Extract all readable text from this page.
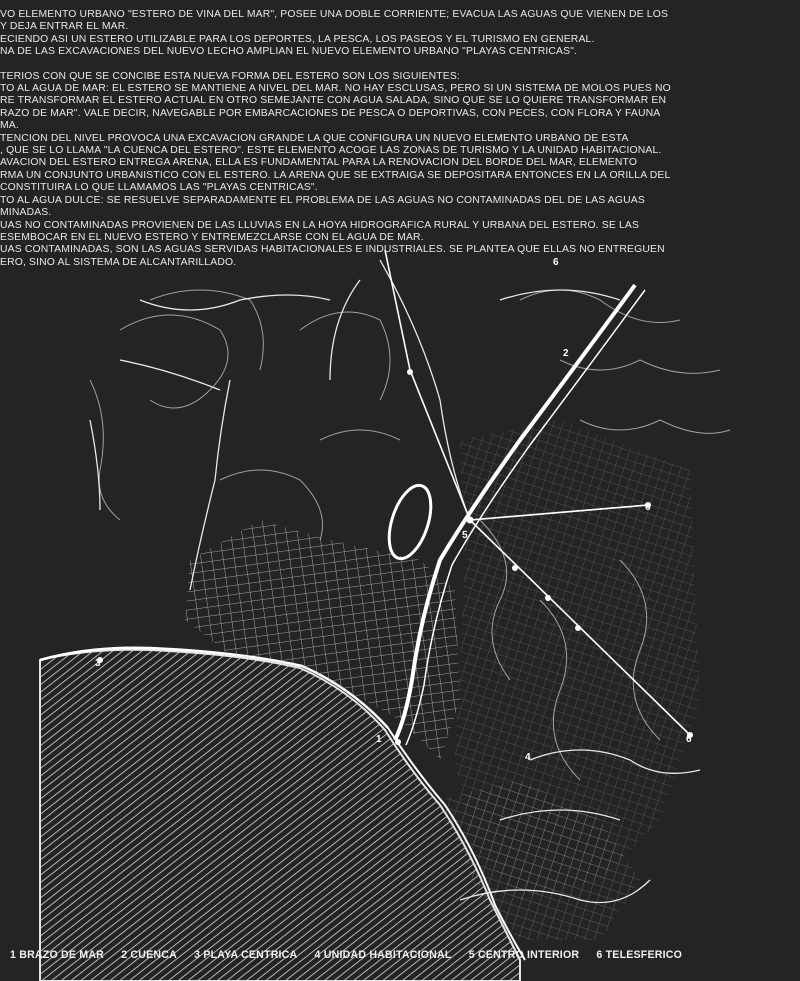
1
2
3
4
5
6
6
6
VO ELEMENTO URBANO "ESTERO DE VIÑA DEL MAR", POSEE UNA DOBLE CORRIENTE; EVACUA LAS AGUAS QUE VIENEN DE LOS
Y DEJA ENTRAR EL MAR.
ECIENDO ASI UN ESTERO UTILIZABLE PARA LOS DEPORTES, LA PESCA, LOS PASEOS Y EL TURISMO EN GENERAL.
NA DE LAS EXCAVACIONES DEL NUEVO LECHO AMPLIAN EL NUEVO ELEMENTO URBANO "PLAYAS CENTRICAS".
TERIOS CON QUE SE CONCIBE ESTA NUEVA FORMA DEL ESTERO SON LOS SIGUIENTES:
TO AL AGUA DE MAR: EL ESTERO SE MANTIENE A NIVEL DEL MAR. NO HAY ESCLUSAS, PERO SI UN SISTEMA DE MOLOS PUES NO
RE TRANSFORMAR EL ESTERO ACTUAL EN OTRO SEMEJANTE CON AGUA SALADA, SINO QUE SE LO QUIERE TRANSFORMAR EN
RAZO DE MAR". VALE DECIR, NAVEGABLE POR EMBARCACIONES DE PESCA O DEPORTIVAS, CON PECES, CON FLORA Y FAUNA
MA.
TENCION DEL NIVEL PROVOCA UNA EXCAVACION GRANDE LA QUE CONFIGURA UN NUEVO ELEMENTO URBANO DE ESTA
, QUE SE LO LLAMA "LA CUENCA DEL ESTERO". ESTE ELEMENTO ACOGE LAS ZONAS DE TURISMO Y LA UNIDAD HABITACIONAL.
AVACION DEL ESTERO ENTREGA ARENA, ELLA ES FUNDAMENTAL PARA LA RENOVACION DEL BORDE DEL MAR, ELEMENTO
RMA UN CONJUNTO URBANISTICO CON EL ESTERO. LA ARENA QUE SE EXTRAIGA SE DEPOSITARA ENTONCES EN LA ORILLA DEL
CONSTITUIRA LO QUE LLAMAMOS LAS "PLAYAS CENTRICAS".
TO AL AGUA DULCE: SE RESUELVE SEPARADAMENTE EL PROBLEMA DE LAS AGUAS NO CONTAMINADAS DEL DE LAS AGUAS
MINADAS.
UAS NO CONTAMINADAS PROVIENEN DE LAS LLUVIAS EN LA HOYA HIDROGRAFICA RURAL Y URBANA DEL ESTERO. SE LAS
ESEMBOCAR EN EL NUEVO ESTERO Y ENTREMEZCLARSE CON EL AGUA DE MAR.
UAS CONTAMINADAS, SON LAS AGUAS SERVIDAS HABITACIONALES E INDUSTRIALES. SE PLANTEA QUE ELLAS NO ENTREGUEN
ERO, SINO AL SISTEMA DE ALCANTARILLADO.
1 BRAZO DE MAR 2 CUENCA 3 PLAYA CENTRICA 4 UNIDAD HABITACIONAL 5 CENTRO INTERIOR 6 TELESFERICO
